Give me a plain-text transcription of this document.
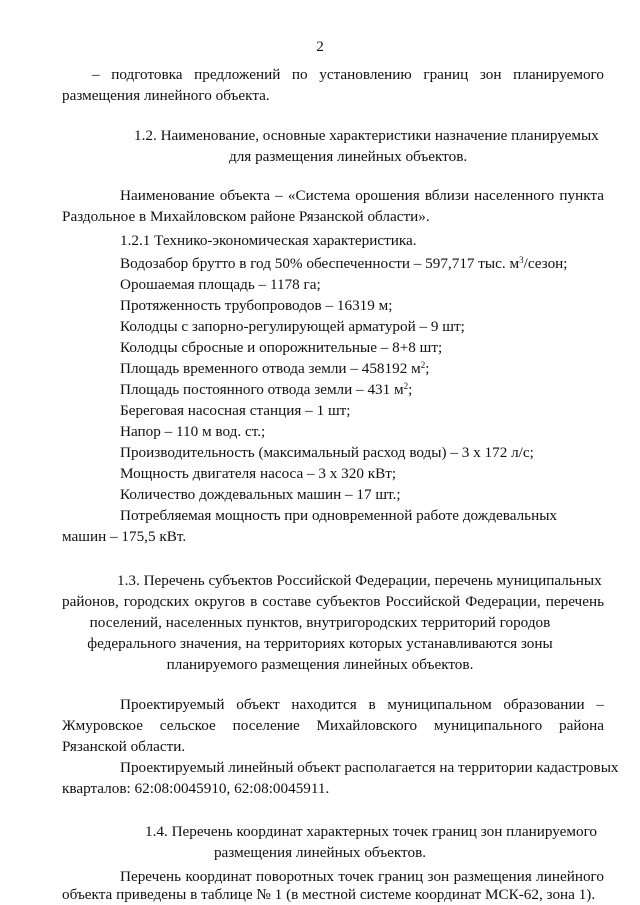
2
– подготовка предложений по установлению границ зон планируемого
размещения линейного объекта.
1.2. Наименование, основные характеристики назначение планируемых
для размещения линейных объектов.
Наименование объекта – «Система орошения вблизи населенного пункта
Раздольное в Михайловском районе Рязанской области».
1.2.1 Технико-экономическая характеристика.
Водозабор брутто в год 50% обеспеченности – 597,717 тыс. $м^3$/сезон;
Орошаемая площадь – 1178 га;
Протяженность трубопроводов – 16319 м;
Колодцы с запорно-регулирующей арматурой – 9 шт;
Колодцы сбросные и опорожнительные – 8+8 шт;
Площадь временного отвода земли – 458192 $м^2$;
Площадь постоянного отвода земли – 431 $м^2$;
Береговая насосная станция – 1 шт;
Напор – 110 м вод. ст.;
Производительность (максимальный расход воды) – 3 х 172 л/с;
Мощность двигателя насоса – 3 х 320 кВт;
Количество дождевальных машин – 17 шт.;
Потребляемая мощность при одновременной работе дождевальных
машин – 175,5 кВт.
1.3. Перечень субъектов Российской Федерации, перечень муниципальных
районов, городских округов в составе субъектов Российской Федерации, перечень
поселений, населенных пунктов, внутригородских территорий городов
федерального значения, на территориях которых устанавливаются зоны
планируемого размещения линейных объектов.
Проектируемый объект находится в муниципальном образовании –
Жмуровское сельское поселение Михайловского муниципального района
Рязанской области.
Проектируемый линейный объект располагается на территории кадастровых
кварталов: 62:08:0045910, 62:08:0045911.
1.4. Перечень координат характерных точек границ зон планируемого
размещения линейных объектов.
Перечень координат поворотных точек границ зон размещения линейного
объекта приведены в таблице № 1 (в местной системе координат МСК-62, зона 1).
